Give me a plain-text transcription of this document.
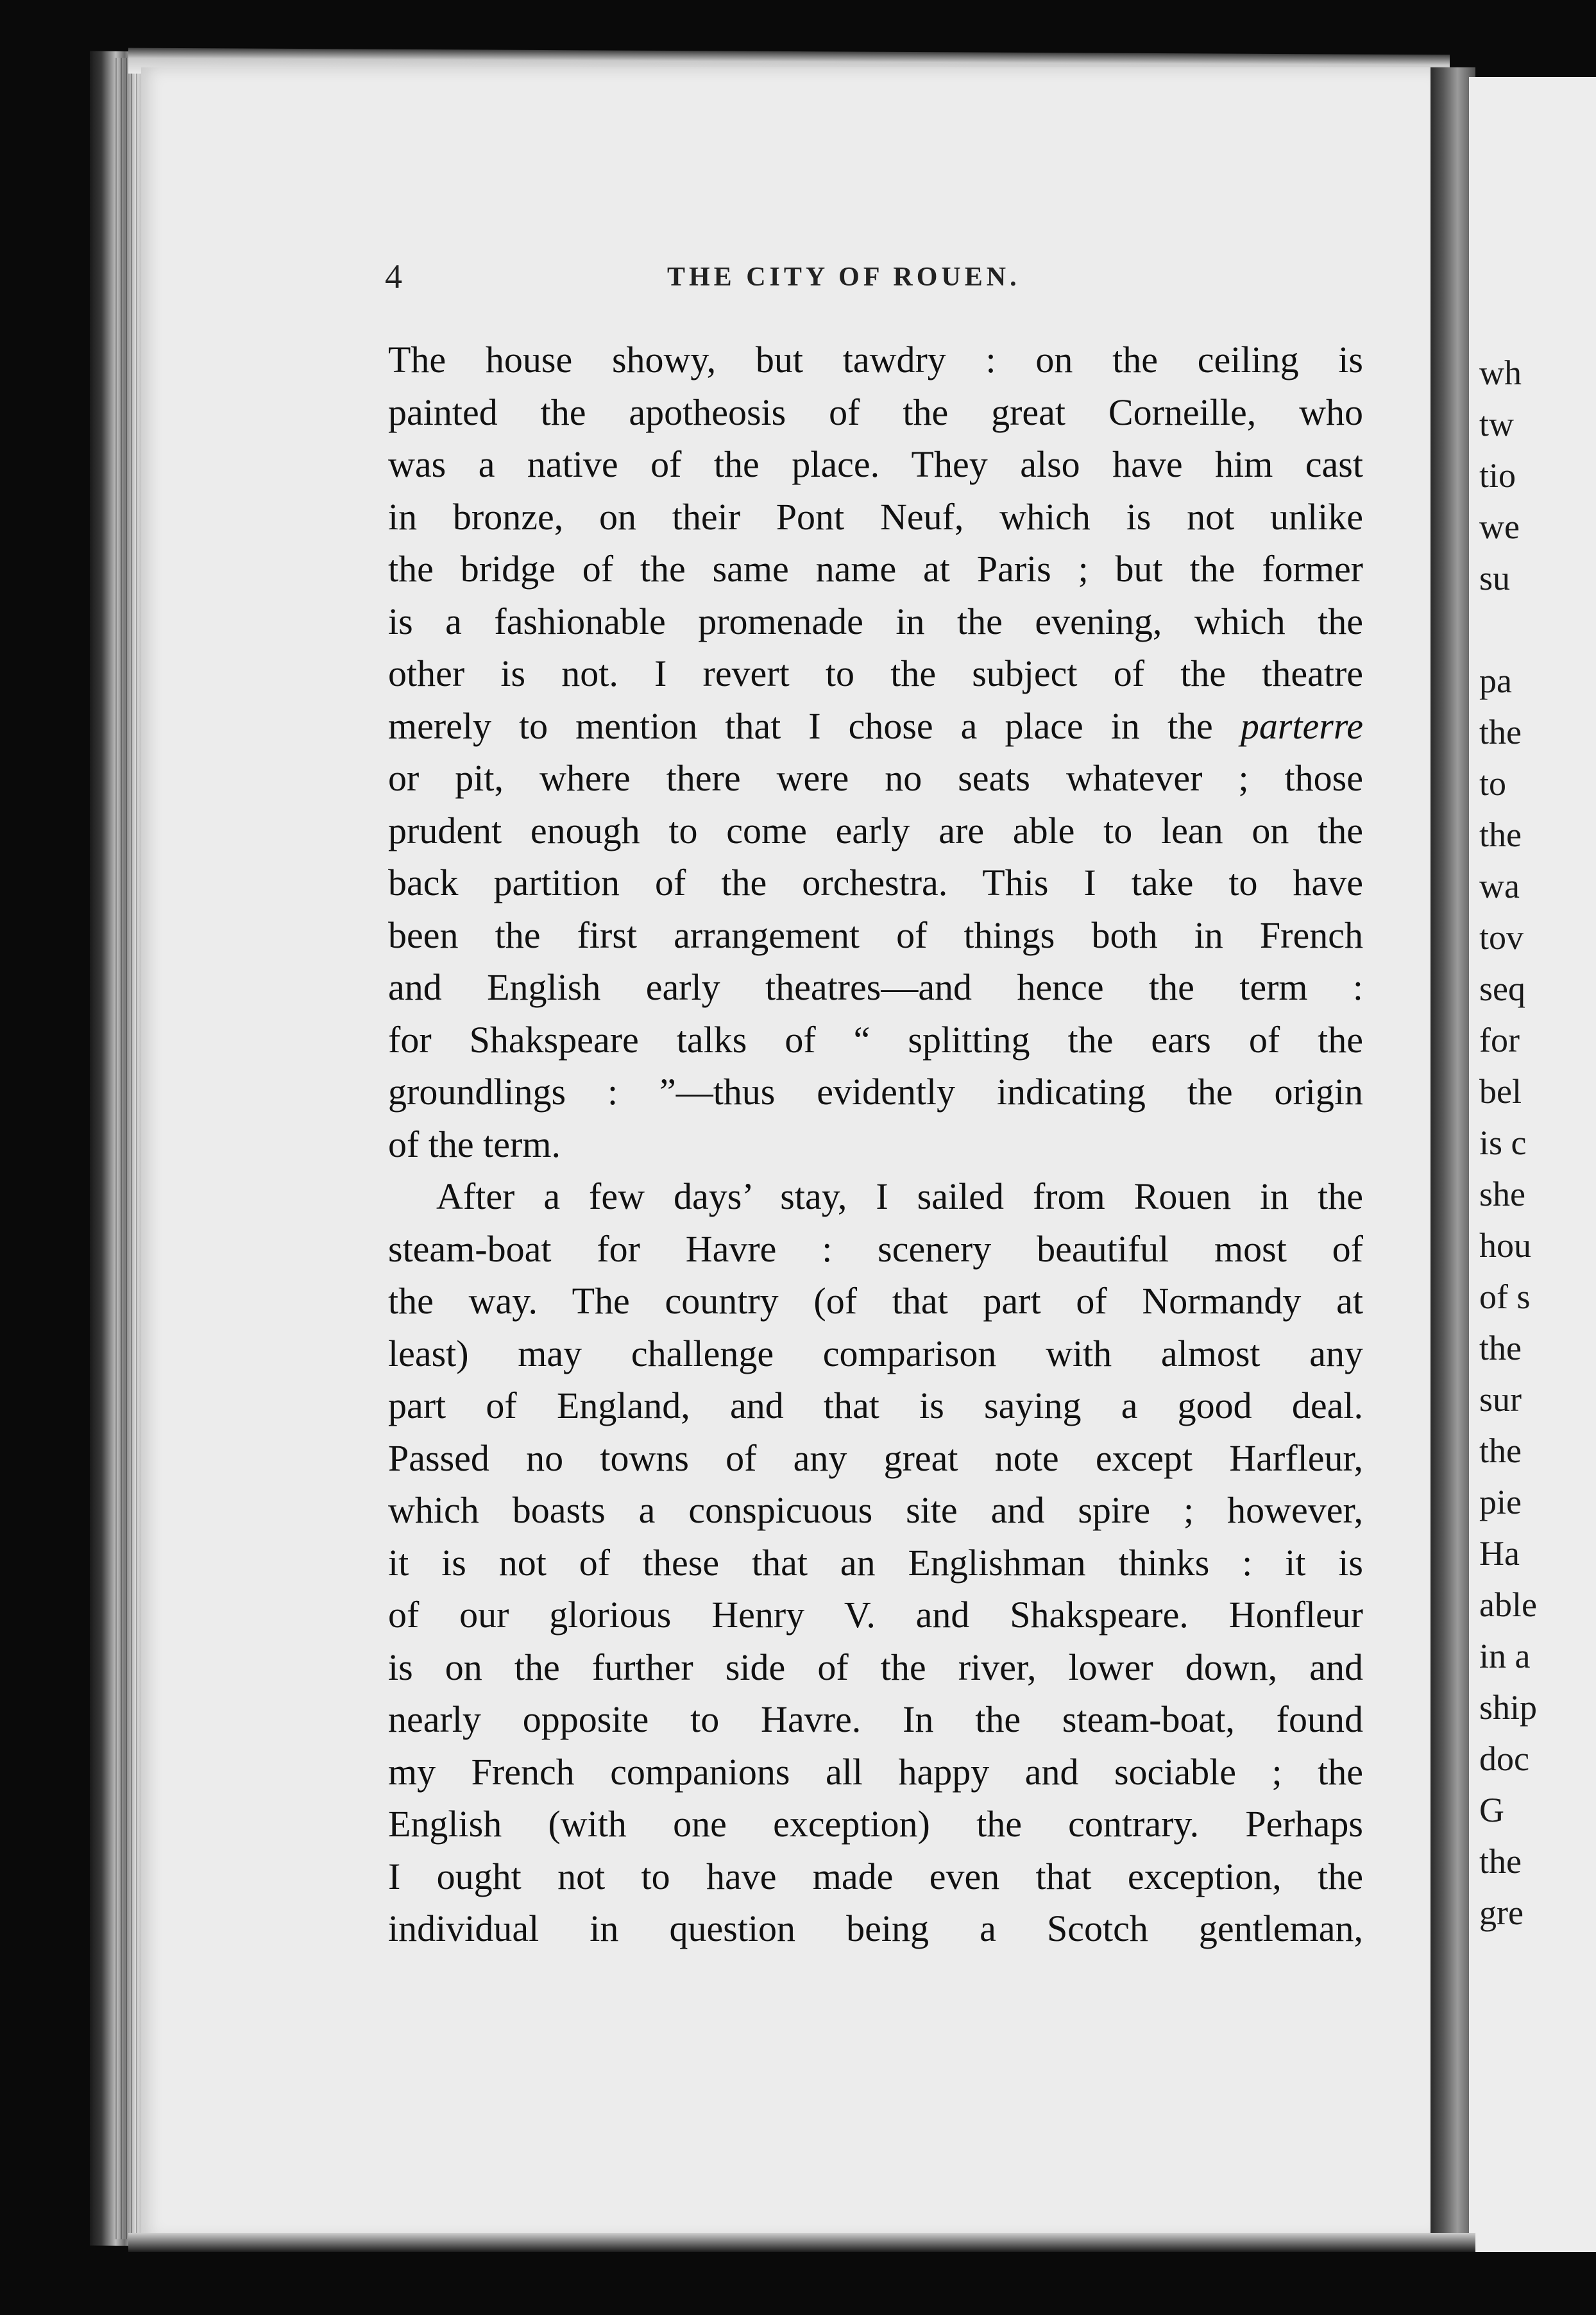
wh
tw
tio
we
su
pa
the
to
the
wa
tov
seq
for
bel
is c
she
hou
of s
the
sur
the
pie
Ha
able
in a
ship
doc
G
the
gre
4	THE CITY OF ROUEN.
The house showy, but tawdry : on the ceiling is
painted the apotheosis of the great Corneille, who
was a native of the place. They also have him cast
in bronze, on their Pont Neuf, which is not unlike
the bridge of the same name at Paris ; but the former
is a fashionable promenade in the evening, which the
other is not. I revert to the subject of the theatre
merely to mention that I chose a place in the parterre
or pit, where there were no seats whatever ; those
prudent enough to come early are able to lean on the
back partition of the orchestra. This I take to have
been the first arrangement of things both in French
and English early theatres—and hence the term :
for Shakspeare talks of “ splitting the ears of the
groundlings : ”—thus evidently indicating the origin
of the term.
After a few days’ stay, I sailed from Rouen in the
steam-boat for Havre : scenery beautiful most of
the way. The country (of that part of Normandy at
least) may challenge comparison with almost any
part of England, and that is saying a good deal.
Passed no towns of any great note except Harfleur,
which boasts a conspicuous site and spire ; however,
it is not of these that an Englishman thinks : it is
of our glorious Henry V. and Shakspeare. Honfleur
is on the further side of the river, lower down, and
nearly opposite to Havre. In the steam-boat, found
my French companions all happy and sociable ; the
English (with one exception) the contrary. Perhaps
I ought not to have made even that exception, the
individual in question being a Scotch gentleman,
